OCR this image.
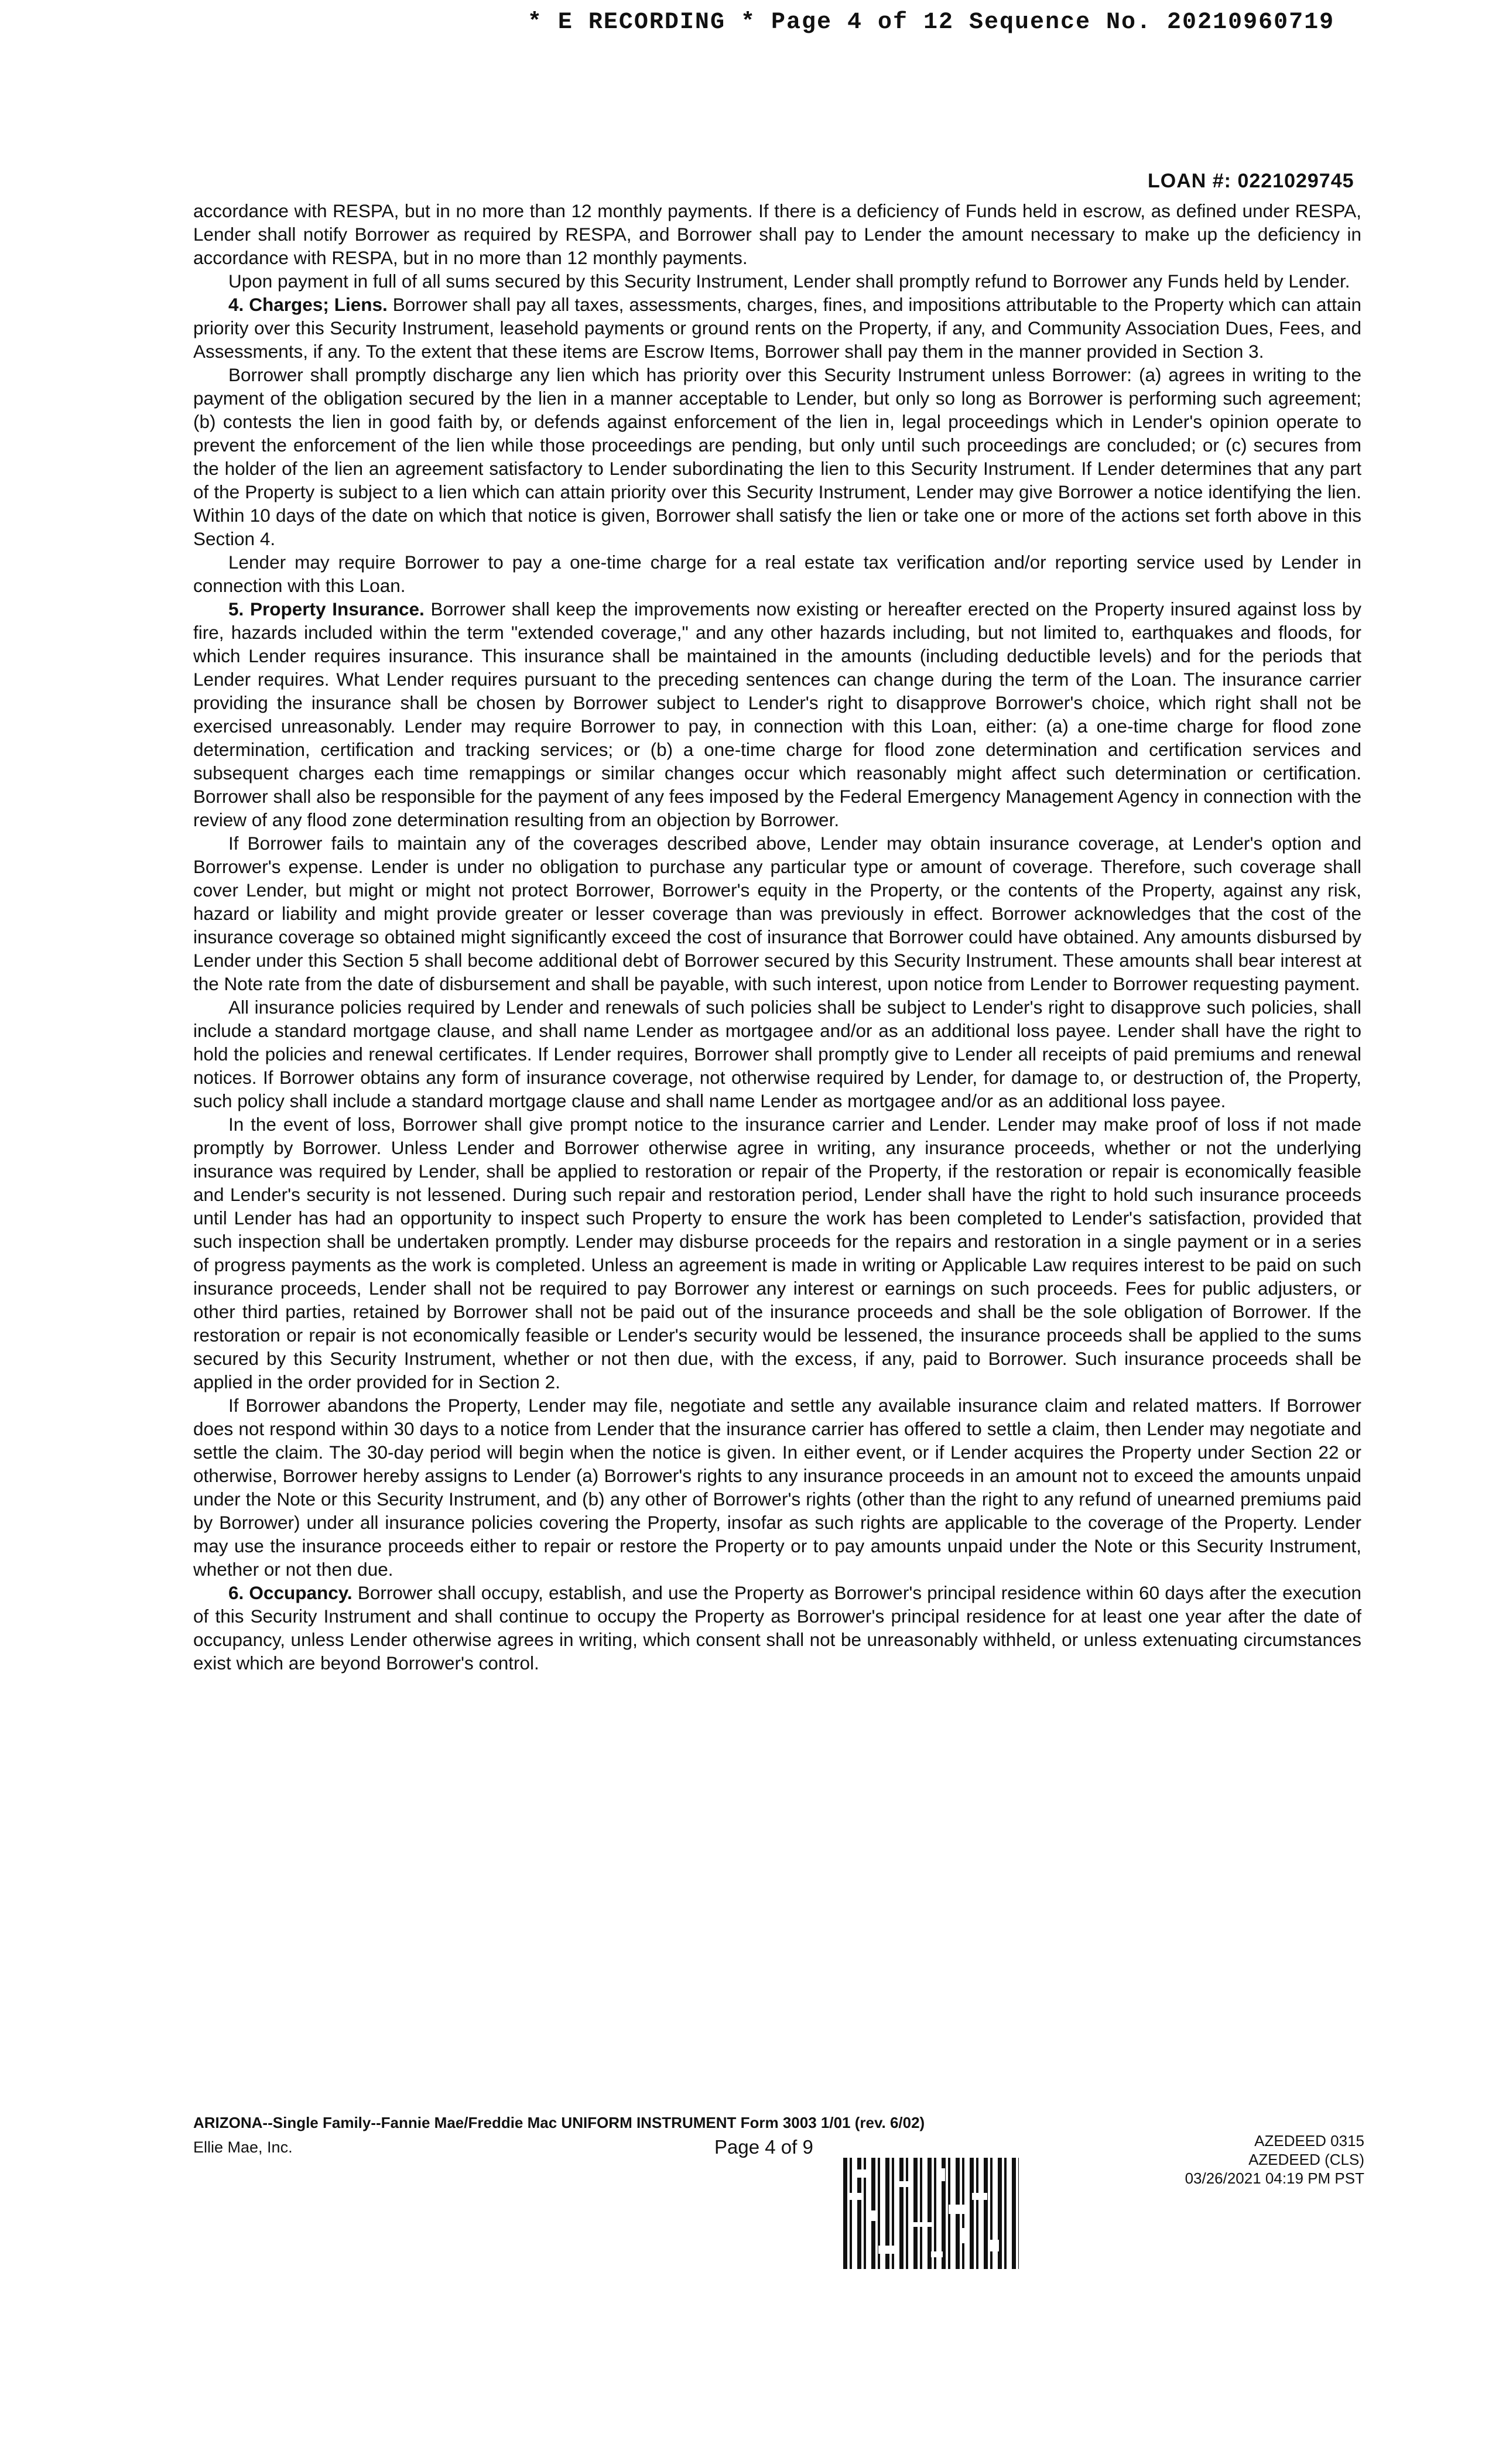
* E RECORDING * Page 4 of 12 Sequence No. 20210960719
LOAN #: 0221029745

accordance with RESPA, but in no more than 12 monthly payments. If there is a deficiency of Funds held in escrow, as defined under RESPA, Lender shall notify Borrower as required by RESPA, and Borrower shall pay to Lender the amount necessary to make up the deficiency in accordance with RESPA, but in no more than 12 monthly payments.

Upon payment in full of all sums secured by this Security Instrument, Lender shall promptly refund to Borrower any Funds held by Lender.

4. Charges; Liens. Borrower shall pay all taxes, assessments, charges, fines, and impositions attributable to the Property which can attain priority over this Security Instrument, leasehold payments or ground rents on the Property, if any, and Community Association Dues, Fees, and Assessments, if any. To the extent that these items are Escrow Items, Borrower shall pay them in the manner provided in Section 3.

Borrower shall promptly discharge any lien which has priority over this Security Instrument unless Borrower: (a) agrees in writing to the payment of the obligation secured by the lien in a manner acceptable to Lender, but only so long as Borrower is performing such agreement; (b) contests the lien in good faith by, or defends against enforcement of the lien in, legal proceedings which in Lender's opinion operate to prevent the enforcement of the lien while those proceedings are pending, but only until such proceedings are concluded; or (c) secures from the holder of the lien an agreement satisfactory to Lender subordinating the lien to this Security Instrument. If Lender determines that any part of the Property is subject to a lien which can attain priority over this Security Instrument, Lender may give Borrower a notice identifying the lien. Within 10 days of the date on which that notice is given, Borrower shall satisfy the lien or take one or more of the actions set forth above in this Section 4.

Lender may require Borrower to pay a one-time charge for a real estate tax verification and/or reporting service used by Lender in connection with this Loan.

5. Property Insurance. Borrower shall keep the improvements now existing or hereafter erected on the Property insured against loss by fire, hazards included within the term "extended coverage," and any other hazards including, but not limited to, earthquakes and floods, for which Lender requires insurance. This insurance shall be maintained in the amounts (including deductible levels) and for the periods that Lender requires. What Lender requires pursuant to the preceding sentences can change during the term of the Loan. The insurance carrier providing the insurance shall be chosen by Borrower subject to Lender's right to disapprove Borrower's choice, which right shall not be exercised unreasonably. Lender may require Borrower to pay, in connection with this Loan, either: (a) a one-time charge for flood zone determination, certification and tracking services; or (b) a one-time charge for flood zone determination and certification services and subsequent charges each time remappings or similar changes occur which reasonably might affect such determination or certification. Borrower shall also be responsible for the payment of any fees imposed by the Federal Emergency Management Agency in connection with the review of any flood zone determination resulting from an objection by Borrower.

If Borrower fails to maintain any of the coverages described above, Lender may obtain insurance coverage, at Lender's option and Borrower's expense. Lender is under no obligation to purchase any particular type or amount of coverage. Therefore, such coverage shall cover Lender, but might or might not protect Borrower, Borrower's equity in the Property, or the contents of the Property, against any risk, hazard or liability and might provide greater or lesser coverage than was previously in effect. Borrower acknowledges that the cost of the insurance coverage so obtained might significantly exceed the cost of insurance that Borrower could have obtained. Any amounts disbursed by Lender under this Section 5 shall become additional debt of Borrower secured by this Security Instrument. These amounts shall bear interest at the Note rate from the date of disbursement and shall be payable, with such interest, upon notice from Lender to Borrower requesting payment.

All insurance policies required by Lender and renewals of such policies shall be subject to Lender's right to disapprove such policies, shall include a standard mortgage clause, and shall name Lender as mortgagee and/or as an additional loss payee. Lender shall have the right to hold the policies and renewal certificates. If Lender requires, Borrower shall promptly give to Lender all receipts of paid premiums and renewal notices. If Borrower obtains any form of insurance coverage, not otherwise required by Lender, for damage to, or destruction of, the Property, such policy shall include a standard mortgage clause and shall name Lender as mortgagee and/or as an additional loss payee.

In the event of loss, Borrower shall give prompt notice to the insurance carrier and Lender. Lender may make proof of loss if not made promptly by Borrower. Unless Lender and Borrower otherwise agree in writing, any insurance proceeds, whether or not the underlying insurance was required by Lender, shall be applied to restoration or repair of the Property, if the restoration or repair is economically feasible and Lender's security is not lessened. During such repair and restoration period, Lender shall have the right to hold such insurance proceeds until Lender has had an opportunity to inspect such Property to ensure the work has been completed to Lender's satisfaction, provided that such inspection shall be undertaken promptly. Lender may disburse proceeds for the repairs and restoration in a single payment or in a series of progress payments as the work is completed. Unless an agreement is made in writing or Applicable Law requires interest to be paid on such insurance proceeds, Lender shall not be required to pay Borrower any interest or earnings on such proceeds. Fees for public adjusters, or other third parties, retained by Borrower shall not be paid out of the insurance proceeds and shall be the sole obligation of Borrower. If the restoration or repair is not economically feasible or Lender's security would be lessened, the insurance proceeds shall be applied to the sums secured by this Security Instrument, whether or not then due, with the excess, if any, paid to Borrower. Such insurance proceeds shall be applied in the order provided for in Section 2.

If Borrower abandons the Property, Lender may file, negotiate and settle any available insurance claim and related matters. If Borrower does not respond within 30 days to a notice from Lender that the insurance carrier has offered to settle a claim, then Lender may negotiate and settle the claim. The 30-day period will begin when the notice is given. In either event, or if Lender acquires the Property under Section 22 or otherwise, Borrower hereby assigns to Lender (a) Borrower's rights to any insurance proceeds in an amount not to exceed the amounts unpaid under the Note or this Security Instrument, and (b) any other of Borrower's rights (other than the right to any refund of unearned premiums paid by Borrower) under all insurance policies covering the Property, insofar as such rights are applicable to the coverage of the Property. Lender may use the insurance proceeds either to repair or restore the Property or to pay amounts unpaid under the Note or this Security Instrument, whether or not then due.

6. Occupancy. Borrower shall occupy, establish, and use the Property as Borrower's principal residence within 60 days after the execution of this Security Instrument and shall continue to occupy the Property as Borrower's principal residence for at least one year after the date of occupancy, unless Lender otherwise agrees in writing, which consent shall not be unreasonably withheld, or unless extenuating circumstances exist which are beyond Borrower's control.

ARIZONA--Single Family--Fannie Mae/Freddie Mac UNIFORM INSTRUMENT Form 3003 1/01 (rev. 6/02)
Ellie Mae, Inc.	Page 4 of 9	AZEDEED 0315
AZEDEED (CLS)
03/26/2021 04:19 PM PST
